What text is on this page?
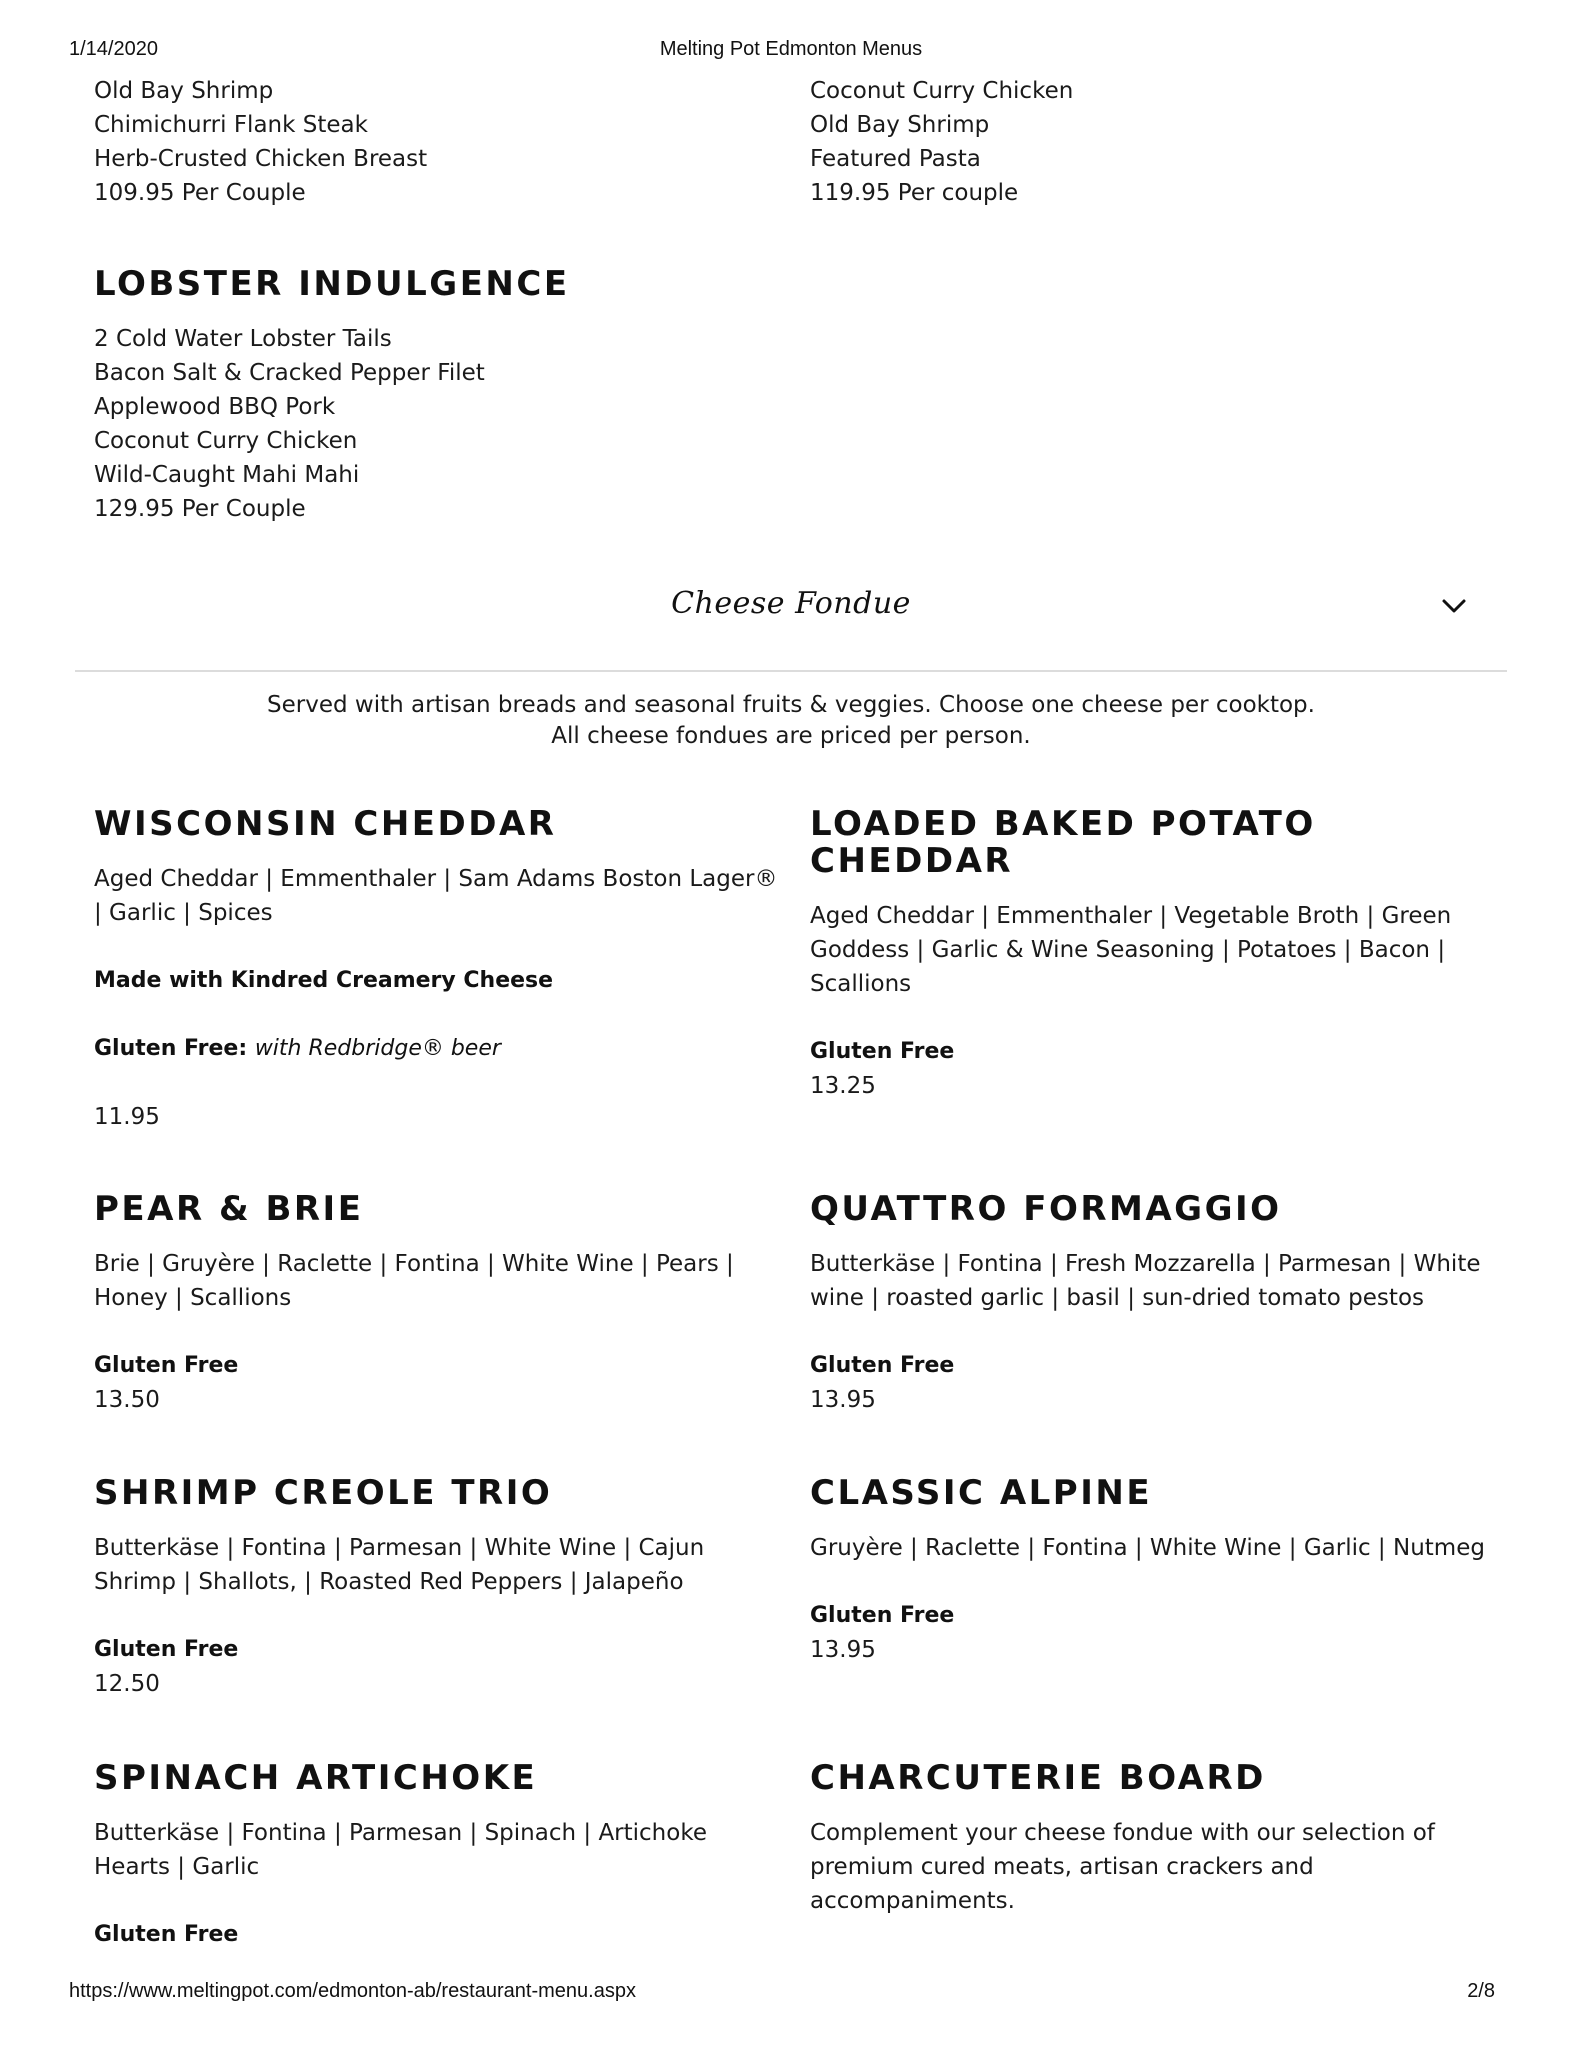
1/14/2020	Melting Pot Edmonton Menus
Old Bay Shrimp
Chimichurri Flank Steak
Herb-Crusted Chicken Breast
109.95 Per Couple
Coconut Curry Chicken
Old Bay Shrimp
Featured Pasta
119.95 Per couple
LOBSTER INDULGENCE
2 Cold Water Lobster Tails
Bacon Salt & Cracked Pepper Filet
Applewood BBQ Pork
Coconut Curry Chicken
Wild-Caught Mahi Mahi
129.95 Per Couple
Cheese Fondue
Served with artisan breads and seasonal fruits & veggies. Choose one cheese per cooktop.
All cheese fondues are priced per person.
WISCONSIN CHEDDAR
Aged Cheddar | Emmenthaler | Sam Adams Boston Lager® | Garlic | Spices
Made with Kindred Creamery Cheese
Gluten Free: with Redbridge® beer
11.95
LOADED BAKED POTATO CHEDDAR
Aged Cheddar | Emmenthaler | Vegetable Broth | Green Goddess | Garlic & Wine Seasoning | Potatoes | Bacon | Scallions
Gluten Free
13.25
PEAR & BRIE
Brie | Gruyère | Raclette | Fontina | White Wine | Pears | Honey | Scallions
Gluten Free
13.50
QUATTRO FORMAGGIO
Butterkäse | Fontina | Fresh Mozzarella | Parmesan | White wine | roasted garlic | basil | sun-dried tomato pestos
Gluten Free
13.95
SHRIMP CREOLE TRIO
Butterkäse | Fontina | Parmesan | White Wine | Cajun Shrimp | Shallots, | Roasted Red Peppers | Jalapeño
Gluten Free
12.50
CLASSIC ALPINE
Gruyère | Raclette | Fontina | White Wine | Garlic | Nutmeg
Gluten Free
13.95
SPINACH ARTICHOKE
Butterkäse | Fontina | Parmesan | Spinach | Artichoke Hearts | Garlic
Gluten Free
CHARCUTERIE BOARD
Complement your cheese fondue with our selection of premium cured meats, artisan crackers and accompaniments.
https://www.meltingpot.com/edmonton-ab/restaurant-menu.aspx	2/8
